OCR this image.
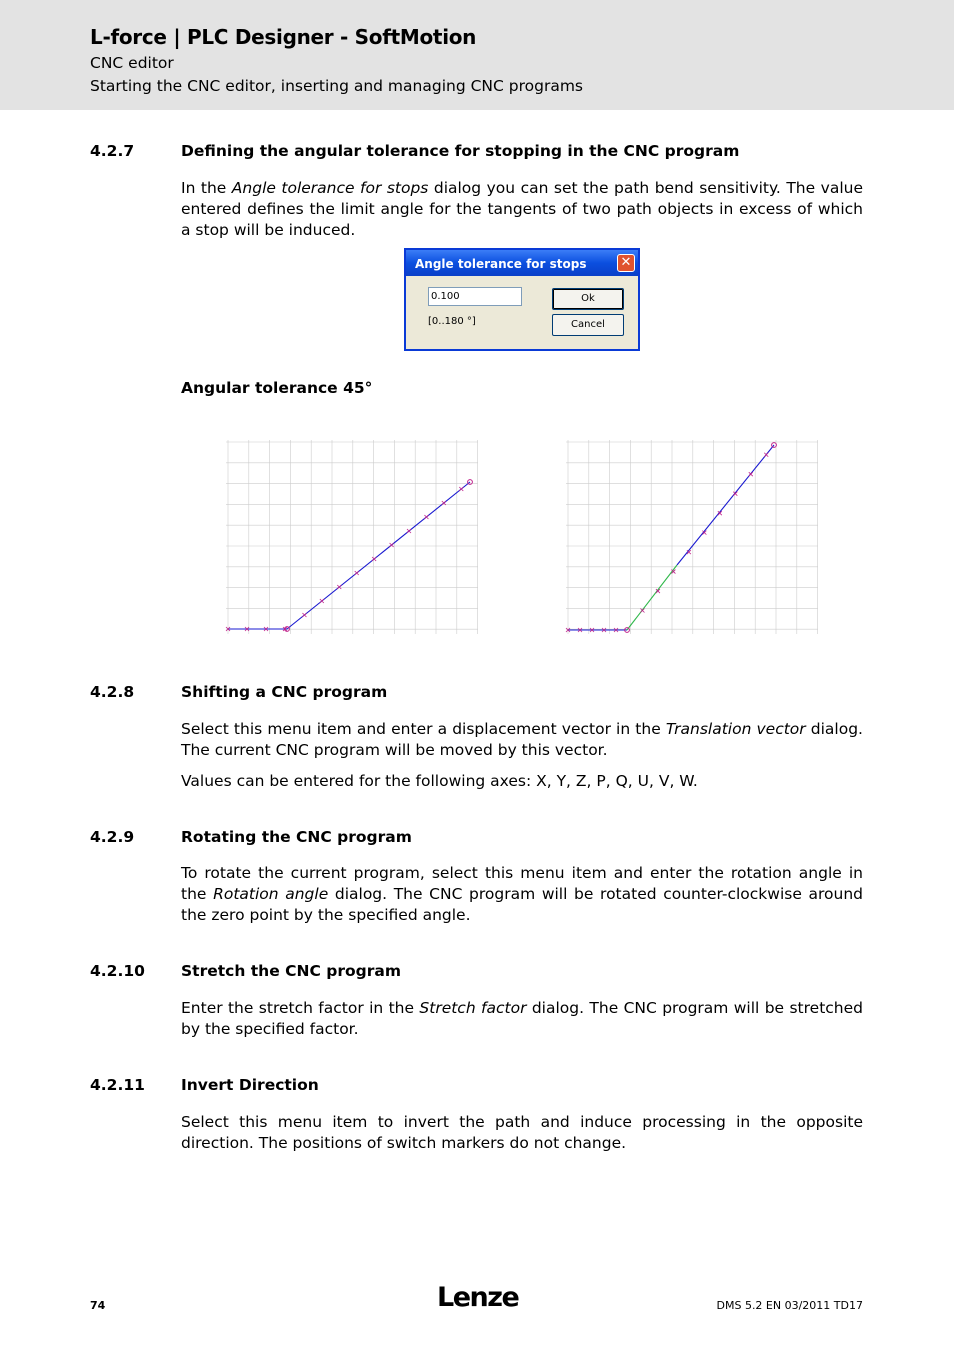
L-force | PLC Designer - SoftMotion
CNC editor
Starting the CNC editor, inserting and managing CNC programs
4.2.7	Defining the angular tolerance for stopping in the CNC program

In the Angle tolerance for stops dialog you can set the path bend sensitivity. The value entered defines the limit angle for the tangents of two path objects in excess of which a stop will be induced.

Angle tolerance for stops	✕
0.100
[0..180 °]
Ok
Cancel
Angular tolerance 45°
4.2.8	Shifting a CNC program

Select this menu item and enter a displacement vector in the Translation vector dialog. The current CNC program will be moved by this vector.

Values can be entered for the following axes: X, Y, Z, P, Q, U, V, W.

4.2.9	Rotating the CNC program

To rotate the current program, select this menu item and enter the rotation angle in the Rotation angle dialog. The CNC program will be rotated counter-clockwise around the zero point by the specified angle.

4.2.10 Stretch the CNC program

Enter the stretch factor in the Stretch factor dialog. The CNC program will be stretched by the specified factor.

4.2.11 Invert Direction

Select this menu item to invert the path and induce processing in the opposite direction. The positions of switch markers do not change.

74	Lenze	DMS 5.2 EN 03/2011 TD17
